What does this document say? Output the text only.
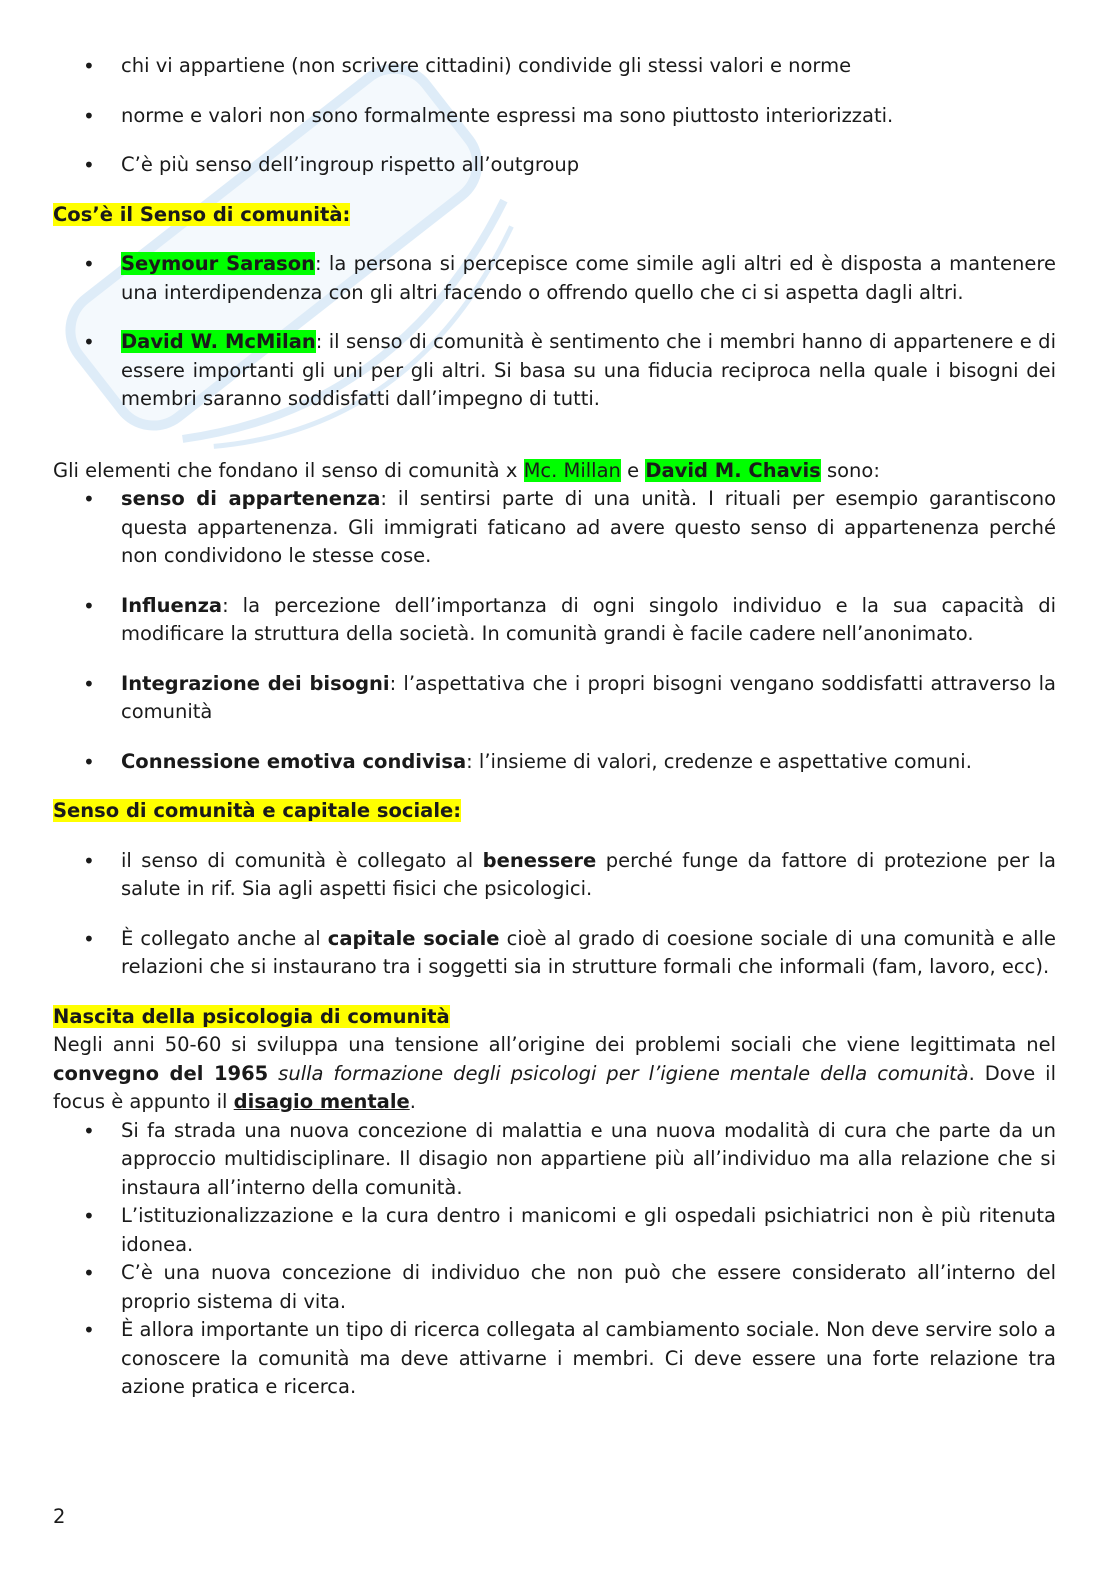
• chi vi appartiene (non scrivere cittadini) condivide gli stessi valori e norme
• norme e valori non sono formalmente espressi ma sono piuttosto interiorizzati.
• C’è più senso dell’ingroup rispetto all’outgroup
Cos’è il Senso di comunità:
• Seymour Sarason: la persona si percepisce come simile agli altri ed è disposta a mantenere una interdipendenza con gli altri facendo o offrendo quello che ci si aspetta dagli altri.
• David W. McMilan: il senso di comunità è sentimento che i membri hanno di appartenere e di essere importanti gli uni per gli altri. Si basa su una fiducia reciproca nella quale i bisogni dei membri saranno soddisfatti dall’impegno di tutti.

Gli elementi che fondano il senso di comunità x Mc. Millan e David M. Chavis sono:

• senso di appartenenza: il sentirsi parte di una unità. I rituali per esempio garantiscono questa appartenenza. Gli immigrati faticano ad avere questo senso di appartenenza perché non condividono le stesse cose.
• Influenza: la percezione dell’importanza di ogni singolo individuo e la sua capacità di modificare la struttura della società. In comunità grandi è facile cadere nell’anonimato.
• Integrazione dei bisogni: l’aspettativa che i propri bisogni vengano soddisfatti attraverso la comunità
• Connessione emotiva condivisa: l’insieme di valori, credenze e aspettative comuni.
Senso di comunità e capitale sociale:
• il senso di comunità è collegato al benessere perché funge da fattore di protezione per la salute in rif. Sia agli aspetti fisici che psicologici.
• È collegato anche al capitale sociale cioè al grado di coesione sociale di una comunità e alle relazioni che si instaurano tra i soggetti sia in strutture formali che informali (fam, lavoro, ecc).
Nascita della psicologia di comunità

Negli anni 50-60 si sviluppa una tensione all’origine dei problemi sociali che viene legittimata nel convegno del 1965 sulla formazione degli psicologi per l’igiene mentale della comunità. Dove il focus è appunto il disagio mentale.

• Si fa strada una nuova concezione di malattia e una nuova modalità di cura che parte da un approccio multidisciplinare. Il disagio non appartiene più all’individuo ma alla relazione che si instaura all’interno della comunità.
• L’istituzionalizzazione e la cura dentro i manicomi e gli ospedali psichiatrici non è più ritenuta idonea.
• C’è una nuova concezione di individuo che non può che essere considerato all’interno del proprio sistema di vita.
• È allora importante un tipo di ricerca collegata al cambiamento sociale. Non deve servire solo a conoscere la comunità ma deve attivarne i membri. Ci deve essere una forte relazione tra azione pratica e ricerca.
2
